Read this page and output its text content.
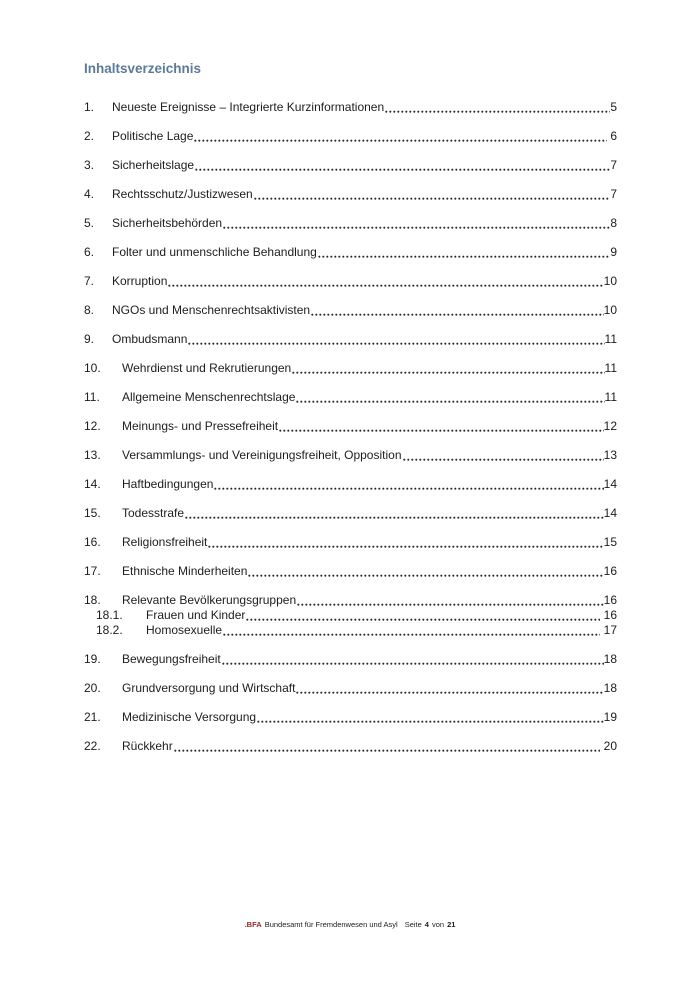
Inhaltsverzeichnis
1.	Neueste Ereignisse – Integrierte Kurzinformationen	5
2.	Politische Lage	6
3.	Sicherheitslage	7
4.	Rechtsschutz/Justizwesen	7
5.	Sicherheitsbehörden	8
6.	Folter und unmenschliche Behandlung	9
7.	Korruption	10
8.	NGOs und Menschenrechtsaktivisten	10
9.	Ombudsmann	11
10.	Wehrdienst und Rekrutierungen	11
11.	Allgemeine Menschenrechtslage	11
12.	Meinungs- und Pressefreiheit	12
13.	Versammlungs- und Vereinigungsfreiheit, Opposition	13
14.	Haftbedingungen	14
15.	Todesstrafe	14
16.	Religionsfreiheit	15
17.	Ethnische Minderheiten	16
18.	Relevante Bevölkerungsgruppen	16
18.1.	Frauen und Kinder	16
18.2.	Homosexuelle	17
19.	Bewegungsfreiheit	18
20.	Grundversorgung und Wirtschaft	18
21.	Medizinische Versorgung	19
22.	Rückkehr	20
.BFA Bundesamt für Fremdenwesen und Asyl Seite 4 von 21
